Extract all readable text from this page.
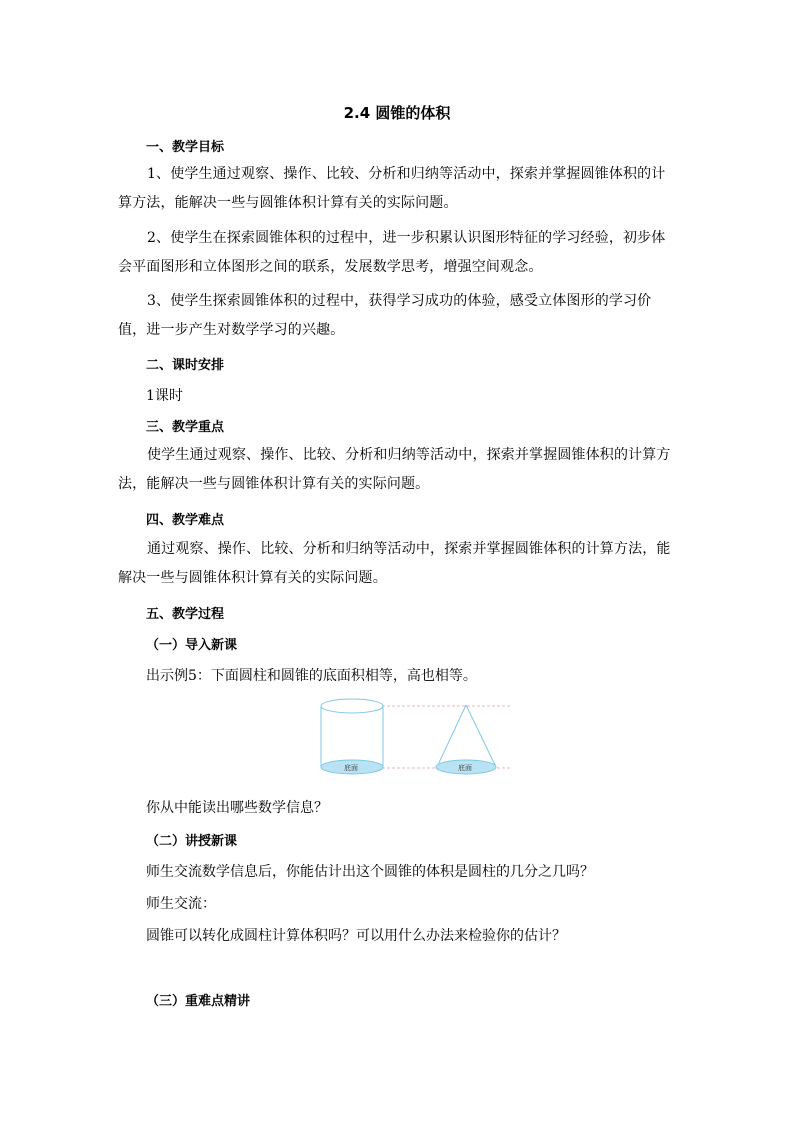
2.4 圆锥的体积
一、教学目标
1、使学生通过观察、操作、比较、分析和归纳等活动中，探索并掌握圆锥体积的计算方法，能解决一些与圆锥体积计算有关的实际问题。
2、使学生在探索圆锥体积的过程中，进一步积累认识图形特征的学习经验，初步体会平面图形和立体图形之间的联系，发展数学思考，增强空间观念。
3、使学生探索圆锥体积的过程中，获得学习成功的体验，感受立体图形的学习价值，进一步产生对数学学习的兴趣。
二、课时安排
1课时
三、教学重点
使学生通过观察、操作、比较、分析和归纳等活动中，探索并掌握圆锥体积的计算方法，能解决一些与圆锥体积计算有关的实际问题。
四、教学难点
通过观察、操作、比较、分析和归纳等活动中，探索并掌握圆锥体积的计算方法，能解决一些与圆锥体积计算有关的实际问题。
五、教学过程
（一）导入新课
出示例5：下面圆柱和圆锥的底面积相等，高也相等。
底面	底面
你从中能读出哪些数学信息？
（二）讲授新课
师生交流数学信息后，你能估计出这个圆锥的体积是圆柱的几分之几吗？
师生交流：
圆锥可以转化成圆柱计算体积吗？可以用什么办法来检验你的估计？
（三）重难点精讲
